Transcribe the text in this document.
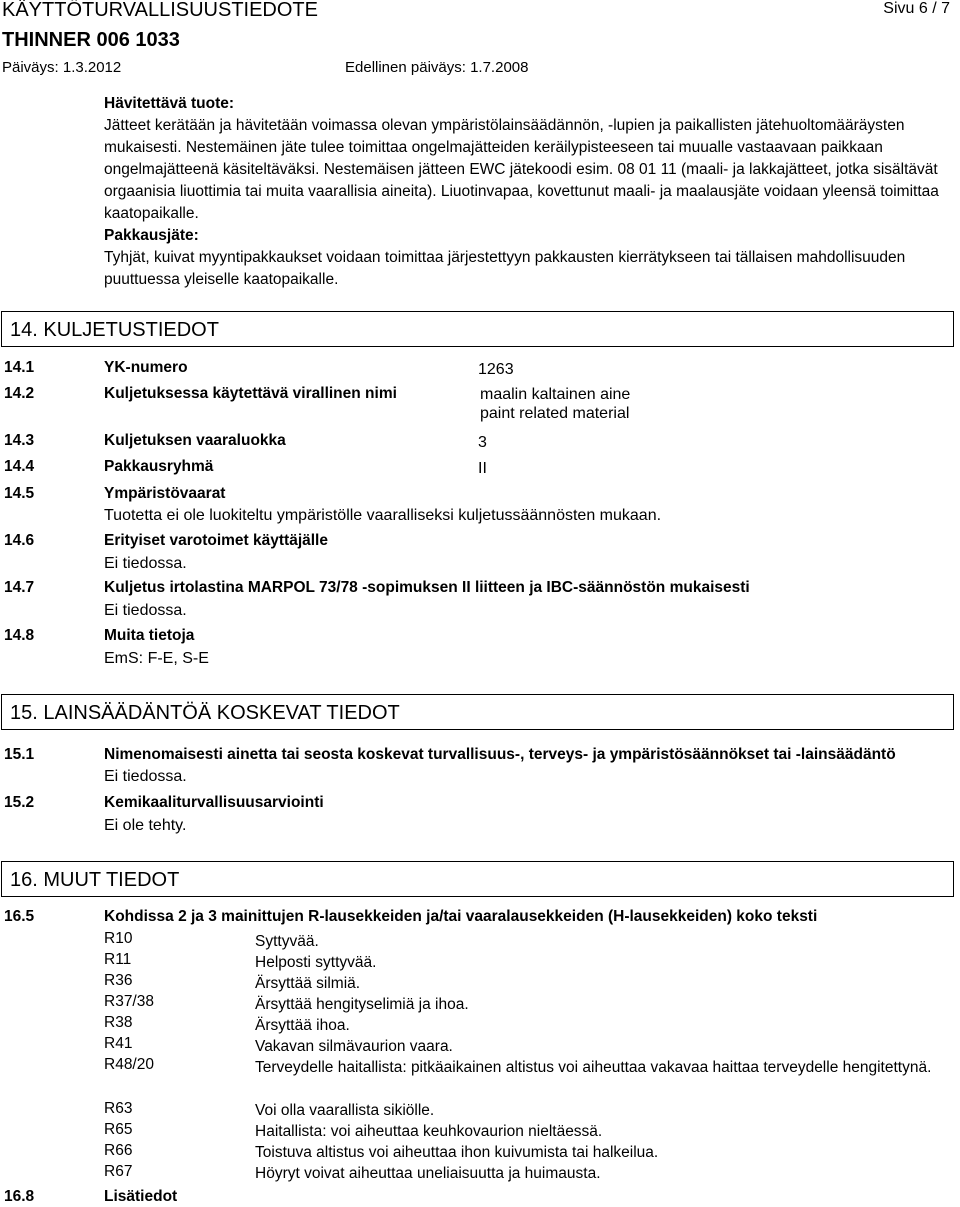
KÄYTTÖTURVALLISUUSTIEDOTE	Sivu 6 / 7
THINNER 006 1033
Päiväys: 1.3.2012	Edellinen päiväys: 1.7.2008

Hävitettävä tuote:

Jätteet kerätään ja hävitetään voimassa olevan ympäristölainsäädännön, -lupien ja paikallisten jätehuoltomääräysten mukaisesti. Nestemäinen jäte tulee toimittaa ongelmajätteiden keräilypisteeseen tai muualle vastaavaan paikkaan ongelmajätteenä käsiteltäväksi. Nestemäisen jätteen EWC jätekoodi esim. 08 01 11 (maali- ja lakkajätteet, jotka sisältävät orgaanisia liuottimia tai muita vaarallisia aineita). Liuotinvapaa, kovettunut maali- ja maalausjäte voidaan yleensä toimittaa kaatopaikalle.

Pakkausjäte:

Tyhjät, kuivat myyntipakkaukset voidaan toimittaa järjestettyyn pakkausten kierrätykseen tai tällaisen mahdollisuuden puuttuessa yleiselle kaatopaikalle.

14. KULJETUSTIEDOT
14.1	YK-numero	1263
14.2	Kuljetuksessa käytettävä virallinen nimi	maalin kaltainen aine
paint related material
14.3	Kuljetuksen vaaraluokka	3
14.4	Pakkausryhmä	II
14.5	Ympäristövaarat
Tuotetta ei ole luokiteltu ympäristölle vaaralliseksi kuljetussäännösten mukaan.
14.6	Erityiset varotoimet käyttäjälle
Ei tiedossa.
14.7	Kuljetus irtolastina MARPOL 73/78 -sopimuksen II liitteen ja IBC-säännöstön mukaisesti
Ei tiedossa.
14.8	Muita tietoja
EmS: F-E, S-E
15. LAINSÄÄDÄNTÖÄ KOSKEVAT TIEDOT
15.1	Nimenomaisesti ainetta tai seosta koskevat turvallisuus-, terveys- ja ympäristösäännökset tai -lainsäädäntö
Ei tiedossa.
15.2	Kemikaaliturvallisuusarviointi
Ei ole tehty.
16. MUUT TIEDOT
16.5	Kohdissa 2 ja 3 mainittujen R-lausekkeiden ja/tai vaaralausekkeiden (H-lausekkeiden) koko teksti
R10	Syttyvää.
R11	Helposti syttyvää.
R36	Ärsyttää silmiä.
R37/38	Ärsyttää hengityselimiä ja ihoa.
R38	Ärsyttää ihoa.
R41	Vakavan silmävaurion vaara.
R48/20	Terveydelle haitallista: pitkäaikainen altistus voi aiheuttaa vakavaa haittaa terveydelle hengitettynä.
R63	Voi olla vaarallista sikiölle.
R65	Haitallista: voi aiheuttaa keuhkovaurion nieltäessä.
R66	Toistuva altistus voi aiheuttaa ihon kuivumista tai halkeilua.
R67	Höyryt voivat aiheuttaa uneliaisuutta ja huimausta.
16.8	Lisätiedot
